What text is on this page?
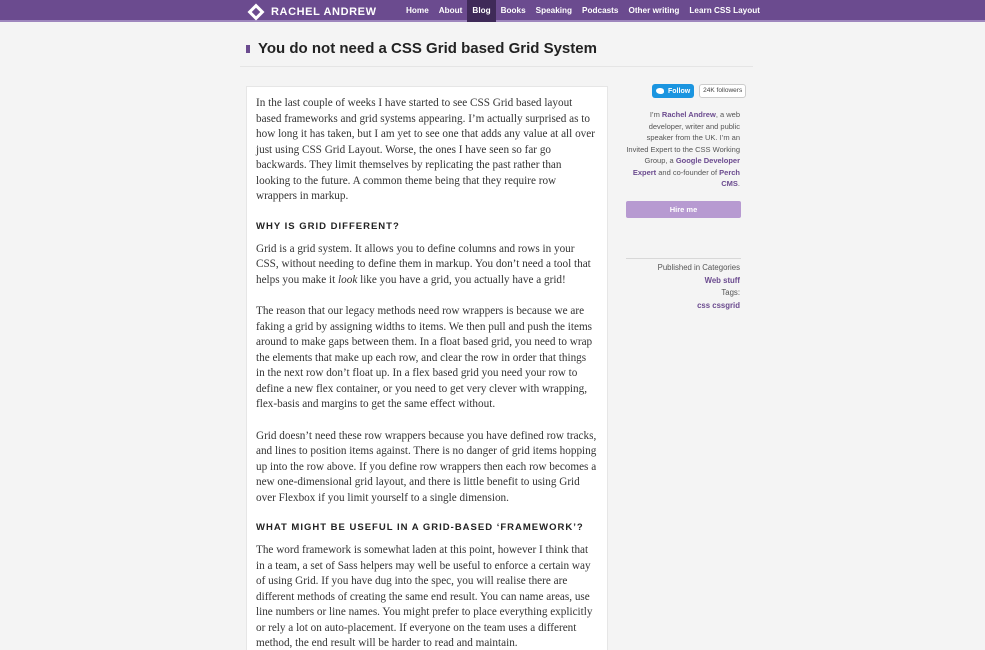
RACHEL ANDREW	Home	About	Blog	Books	Speaking	Podcasts	Other writing	Learn CSS Layout
You do not need a CSS Grid based Grid System

In the last couple of weeks I have started to see CSS Grid based layout based frameworks and grid systems appearing. I’m actually surprised as to how long it has taken, but I am yet to see one that adds any value at all over just using CSS Grid Layout. Worse, the ones I have seen so far go backwards. They limit themselves by replicating the past rather than looking to the future. A common theme being that they require row wrappers in markup.

WHY IS GRID DIFFERENT?

Grid is a grid system. It allows you to define columns and rows in your CSS, without needing to define them in markup. You don’t need a tool that helps you make it look like you have a grid, you actually have a grid!

The reason that our legacy methods need row wrappers is because we are faking a grid by assigning widths to items. We then pull and push the items around to make gaps between them. In a float based grid, you need to wrap the elements that make up each row, and clear the row in order that things in the next row don’t float up. In a flex based grid you need your row to define a new flex container, or you need to get very clever with wrapping, flex-basis and margins to get the same effect without.

Grid doesn’t need these row wrappers because you have defined row tracks, and lines to position items against. There is no danger of grid items hopping up into the row above. If you define row wrappers then each row becomes a new one-dimensional grid layout, and there is little benefit to using Grid over Flexbox if you limit yourself to a single dimension.

WHAT MIGHT BE USEFUL IN A GRID-BASED ‘FRAMEWORK’?

The word framework is somewhat laden at this point, however I think that in a team, a set of Sass helpers may well be useful to enforce a certain way of using Grid. If you have dug into the spec, you will realise there are different methods of creating the same end result. You can name areas, use line numbers or line names. You might prefer to place everything explicitly or rely a lot on auto-placement. If everyone on the team uses a different method, the end result will be harder to read and maintain.

Follow	24K followers
I’m Rachel Andrew, a web developer, writer and public speaker from the UK. I’m an Invited Expert to the CSS Working Group, a Google Developer Expert and co-founder of Perch CMS.
Hire me
Published in Categories
Web stuff
Tags:
css cssgrid
